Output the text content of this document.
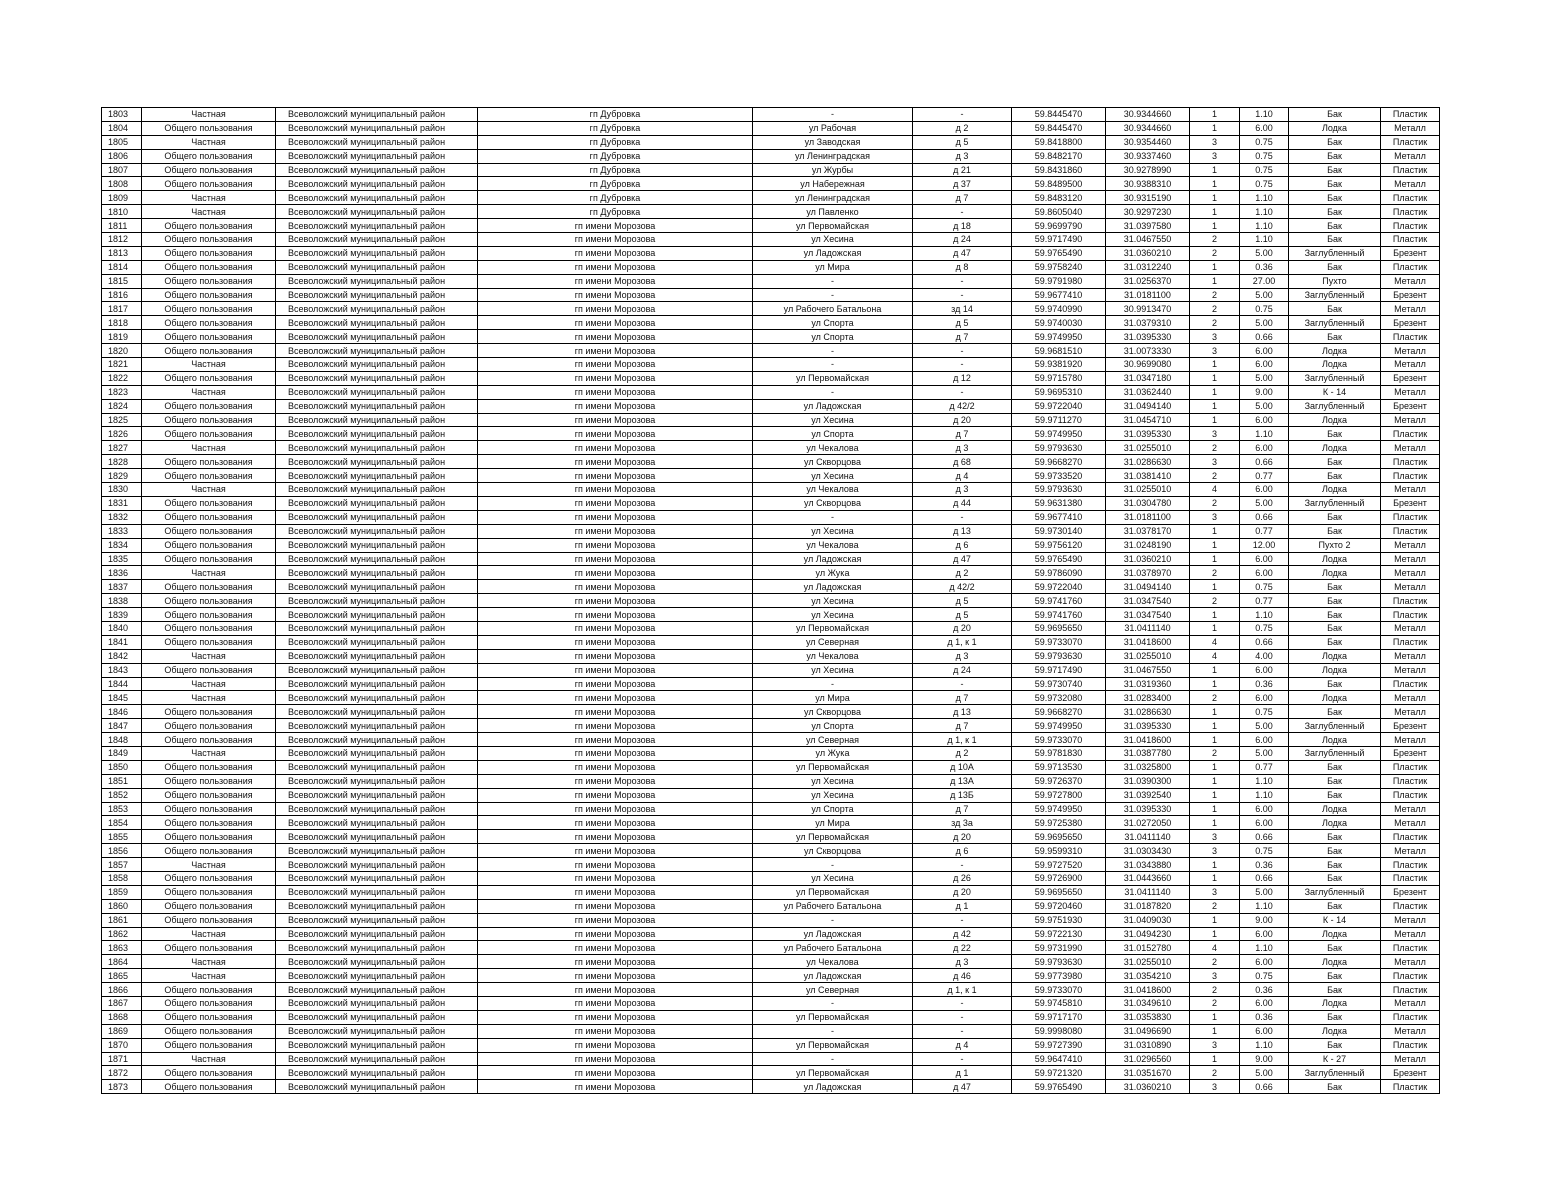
1803	Частная	Всеволожский муниципальный район	гп Дубровка	-	-	59.8445470	30.9344660	1	1.10	Бак	Пластик
1804	Общего пользования	Всеволожский муниципальный район	гп Дубровка	ул Рабочая	д 2	59.8445470	30.9344660	1	6.00	Лодка	Металл
1805	Частная	Всеволожский муниципальный район	гп Дубровка	ул Заводская	д 5	59.8418800	30.9354460	3	0.75	Бак	Пластик
1806	Общего пользования	Всеволожский муниципальный район	гп Дубровка	ул Ленинградская	д 3	59.8482170	30.9337460	3	0.75	Бак	Металл
1807	Общего пользования	Всеволожский муниципальный район	гп Дубровка	ул Журбы	д 21	59.8431860	30.9278990	1	0.75	Бак	Пластик
1808	Общего пользования	Всеволожский муниципальный район	гп Дубровка	ул Набережная	д 37	59.8489500	30.9388310	1	0.75	Бак	Металл
1809	Частная	Всеволожский муниципальный район	гп Дубровка	ул Ленинградская	д 7	59.8483120	30.9315190	1	1.10	Бак	Пластик
1810	Частная	Всеволожский муниципальный район	гп Дубровка	ул Павленко	-	59.8605040	30.9297230	1	1.10	Бак	Пластик
1811	Общего пользования	Всеволожский муниципальный район	гп имени Морозова	ул Первомайская	д 18	59.9699790	31.0397580	1	1.10	Бак	Пластик
1812	Общего пользования	Всеволожский муниципальный район	гп имени Морозова	ул Хесина	д 24	59.9717490	31.0467550	2	1.10	Бак	Пластик
1813	Общего пользования	Всеволожский муниципальный район	гп имени Морозова	ул Ладожская	д 47	59.9765490	31.0360210	2	5.00	Заглубленный	Брезент
1814	Общего пользования	Всеволожский муниципальный район	гп имени Морозова	ул Мира	д 8	59.9758240	31.0312240	1	0.36	Бак	Пластик
1815	Общего пользования	Всеволожский муниципальный район	гп имени Морозова	-	-	59.9791980	31.0256370	1	27.00	Пухто	Металл
1816	Общего пользования	Всеволожский муниципальный район	гп имени Морозова	-	-	59.9677410	31.0181100	2	5.00	Заглубленный	Брезент
1817	Общего пользования	Всеволожский муниципальный район	гп имени Морозова	ул Рабочего Батальона	зд 14	59.9740990	30.9913470	2	0.75	Бак	Металл
1818	Общего пользования	Всеволожский муниципальный район	гп имени Морозова	ул Спорта	д 5	59.9740030	31.0379310	2	5.00	Заглубленный	Брезент
1819	Общего пользования	Всеволожский муниципальный район	гп имени Морозова	ул Спорта	д 7	59.9749950	31.0395330	3	0.66	Бак	Пластик
1820	Общего пользования	Всеволожский муниципальный район	гп имени Морозова	-	-	59.9681510	31.0073330	3	6.00	Лодка	Металл
1821	Частная	Всеволожский муниципальный район	гп имени Морозова	-	-	59.9381920	30.9699080	1	6.00	Лодка	Металл
1822	Общего пользования	Всеволожский муниципальный район	гп имени Морозова	ул Первомайская	д 12	59.9715780	31.0347180	1	5.00	Заглубленный	Брезент
1823	Частная	Всеволожский муниципальный район	гп имени Морозова	-	-	59.9695310	31.0362440	1	9.00	К - 14	Металл
1824	Общего пользования	Всеволожский муниципальный район	гп имени Морозова	ул Ладожская	д 42/2	59.9722040	31.0494140	1	5.00	Заглубленный	Брезент
1825	Общего пользования	Всеволожский муниципальный район	гп имени Морозова	ул Хесина	д 20	59.9711270	31.0454710	1	6.00	Лодка	Металл
1826	Общего пользования	Всеволожский муниципальный район	гп имени Морозова	ул Спорта	д 7	59.9749950	31.0395330	3	1.10	Бак	Пластик
1827	Частная	Всеволожский муниципальный район	гп имени Морозова	ул Чекалова	д 3	59.9793630	31.0255010	2	6.00	Лодка	Металл
1828	Общего пользования	Всеволожский муниципальный район	гп имени Морозова	ул Скворцова	д 68	59.9668270	31.0286630	3	0.66	Бак	Пластик
1829	Общего пользования	Всеволожский муниципальный район	гп имени Морозова	ул Хесина	д 4	59.9733520	31.0381410	2	0.77	Бак	Пластик
1830	Частная	Всеволожский муниципальный район	гп имени Морозова	ул Чекалова	д 3	59.9793630	31.0255010	4	6.00	Лодка	Металл
1831	Общего пользования	Всеволожский муниципальный район	гп имени Морозова	ул Скворцова	д 44	59.9631380	31.0304780	2	5.00	Заглубленный	Брезент
1832	Общего пользования	Всеволожский муниципальный район	гп имени Морозова	-	-	59.9677410	31.0181100	3	0.66	Бак	Пластик
1833	Общего пользования	Всеволожский муниципальный район	гп имени Морозова	ул Хесина	д 13	59.9730140	31.0378170	1	0.77	Бак	Пластик
1834	Общего пользования	Всеволожский муниципальный район	гп имени Морозова	ул Чекалова	д 6	59.9756120	31.0248190	1	12.00	Пухто 2	Металл
1835	Общего пользования	Всеволожский муниципальный район	гп имени Морозова	ул Ладожская	д 47	59.9765490	31.0360210	1	6.00	Лодка	Металл
1836	Частная	Всеволожский муниципальный район	гп имени Морозова	ул Жука	д 2	59.9786090	31.0378970	2	6.00	Лодка	Металл
1837	Общего пользования	Всеволожский муниципальный район	гп имени Морозова	ул Ладожская	д 42/2	59.9722040	31.0494140	1	0.75	Бак	Металл
1838	Общего пользования	Всеволожский муниципальный район	гп имени Морозова	ул Хесина	д 5	59.9741760	31.0347540	2	0.77	Бак	Пластик
1839	Общего пользования	Всеволожский муниципальный район	гп имени Морозова	ул Хесина	д 5	59.9741760	31.0347540	1	1.10	Бак	Пластик
1840	Общего пользования	Всеволожский муниципальный район	гп имени Морозова	ул Первомайская	д 20	59.9695650	31.0411140	1	0.75	Бак	Металл
1841	Общего пользования	Всеволожский муниципальный район	гп имени Морозова	ул Северная	д 1, к 1	59.9733070	31.0418600	4	0.66	Бак	Пластик
1842	Частная	Всеволожский муниципальный район	гп имени Морозова	ул Чекалова	д 3	59.9793630	31.0255010	4	4.00	Лодка	Металл
1843	Общего пользования	Всеволожский муниципальный район	гп имени Морозова	ул Хесина	д 24	59.9717490	31.0467550	1	6.00	Лодка	Металл
1844	Частная	Всеволожский муниципальный район	гп имени Морозова	-	-	59.9730740	31.0319360	1	0.36	Бак	Пластик
1845	Частная	Всеволожский муниципальный район	гп имени Морозова	ул Мира	д 7	59.9732080	31.0283400	2	6.00	Лодка	Металл
1846	Общего пользования	Всеволожский муниципальный район	гп имени Морозова	ул Скворцова	д 13	59.9668270	31.0286630	1	0.75	Бак	Металл
1847	Общего пользования	Всеволожский муниципальный район	гп имени Морозова	ул Спорта	д 7	59.9749950	31.0395330	1	5.00	Заглубленный	Брезент
1848	Общего пользования	Всеволожский муниципальный район	гп имени Морозова	ул Северная	д 1, к 1	59.9733070	31.0418600	1	6.00	Лодка	Металл
1849	Частная	Всеволожский муниципальный район	гп имени Морозова	ул Жука	д 2	59.9781830	31.0387780	2	5.00	Заглубленный	Брезент
1850	Общего пользования	Всеволожский муниципальный район	гп имени Морозова	ул Первомайская	д 10А	59.9713530	31.0325800	1	0.77	Бак	Пластик
1851	Общего пользования	Всеволожский муниципальный район	гп имени Морозова	ул Хесина	д 13А	59.9726370	31.0390300	1	1.10	Бак	Пластик
1852	Общего пользования	Всеволожский муниципальный район	гп имени Морозова	ул Хесина	д 13Б	59.9727800	31.0392540	1	1.10	Бак	Пластик
1853	Общего пользования	Всеволожский муниципальный район	гп имени Морозова	ул Спорта	д 7	59.9749950	31.0395330	1	6.00	Лодка	Металл
1854	Общего пользования	Всеволожский муниципальный район	гп имени Морозова	ул Мира	зд 3а	59.9725380	31.0272050	1	6.00	Лодка	Металл
1855	Общего пользования	Всеволожский муниципальный район	гп имени Морозова	ул Первомайская	д 20	59.9695650	31.0411140	3	0.66	Бак	Пластик
1856	Общего пользования	Всеволожский муниципальный район	гп имени Морозова	ул Скворцова	д 6	59.9599310	31.0303430	3	0.75	Бак	Металл
1857	Частная	Всеволожский муниципальный район	гп имени Морозова	-	-	59.9727520	31.0343880	1	0.36	Бак	Пластик
1858	Общего пользования	Всеволожский муниципальный район	гп имени Морозова	ул Хесина	д 26	59.9726900	31.0443660	1	0.66	Бак	Пластик
1859	Общего пользования	Всеволожский муниципальный район	гп имени Морозова	ул Первомайская	д 20	59.9695650	31.0411140	3	5.00	Заглубленный	Брезент
1860	Общего пользования	Всеволожский муниципальный район	гп имени Морозова	ул Рабочего Батальона	д 1	59.9720460	31.0187820	2	1.10	Бак	Пластик
1861	Общего пользования	Всеволожский муниципальный район	гп имени Морозова	-	-	59.9751930	31.0409030	1	9.00	К - 14	Металл
1862	Частная	Всеволожский муниципальный район	гп имени Морозова	ул Ладожская	д 42	59.9722130	31.0494230	1	6.00	Лодка	Металл
1863	Общего пользования	Всеволожский муниципальный район	гп имени Морозова	ул Рабочего Батальона	д 22	59.9731990	31.0152780	4	1.10	Бак	Пластик
1864	Частная	Всеволожский муниципальный район	гп имени Морозова	ул Чекалова	д 3	59.9793630	31.0255010	2	6.00	Лодка	Металл
1865	Частная	Всеволожский муниципальный район	гп имени Морозова	ул Ладожская	д 46	59.9773980	31.0354210	3	0.75	Бак	Пластик
1866	Общего пользования	Всеволожский муниципальный район	гп имени Морозова	ул Северная	д 1, к 1	59.9733070	31.0418600	2	0.36	Бак	Пластик
1867	Общего пользования	Всеволожский муниципальный район	гп имени Морозова	-	-	59.9745810	31.0349610	2	6.00	Лодка	Металл
1868	Общего пользования	Всеволожский муниципальный район	гп имени Морозова	ул Первомайская	-	59.9717170	31.0353830	1	0.36	Бак	Пластик
1869	Общего пользования	Всеволожский муниципальный район	гп имени Морозова	-	-	59.9998080	31.0496690	1	6.00	Лодка	Металл
1870	Общего пользования	Всеволожский муниципальный район	гп имени Морозова	ул Первомайская	д 4	59.9727390	31.0310890	3	1.10	Бак	Пластик
1871	Частная	Всеволожский муниципальный район	гп имени Морозова	-	-	59.9647410	31.0296560	1	9.00	К - 27	Металл
1872	Общего пользования	Всеволожский муниципальный район	гп имени Морозова	ул Первомайская	д 1	59.9721320	31.0351670	2	5.00	Заглубленный	Брезент
1873	Общего пользования	Всеволожский муниципальный район	гп имени Морозова	ул Ладожская	д 47	59.9765490	31.0360210	3	0.66	Бак	Пластик
